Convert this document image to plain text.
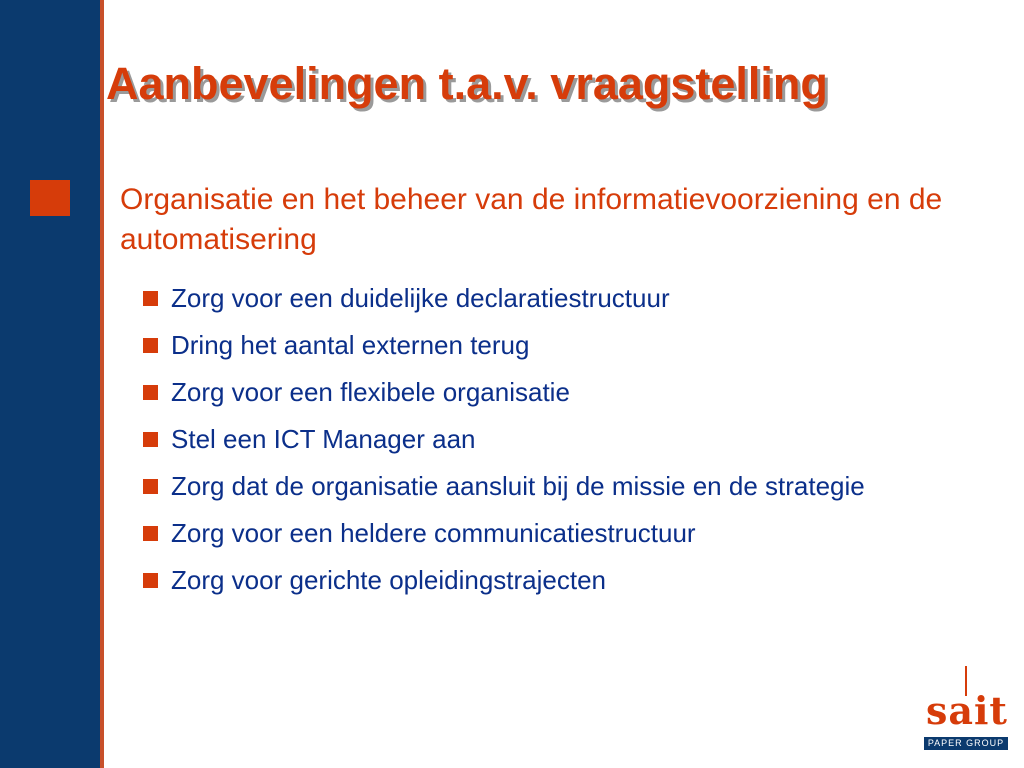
Aanbevelingen t.a.v. vraagstelling
Organisatie en het beheer van de informatievoorziening en de automatisering
Zorg voor een duidelijke declaratiestructuur
Dring het aantal externen terug
Zorg voor een flexibele organisatie
Stel een ICT Manager aan
Zorg dat de organisatie aansluit bij de missie en de strategie
Zorg voor een heldere communicatiestructuur
Zorg voor gerichte opleidingstrajecten
sait
PAPER GROUP
